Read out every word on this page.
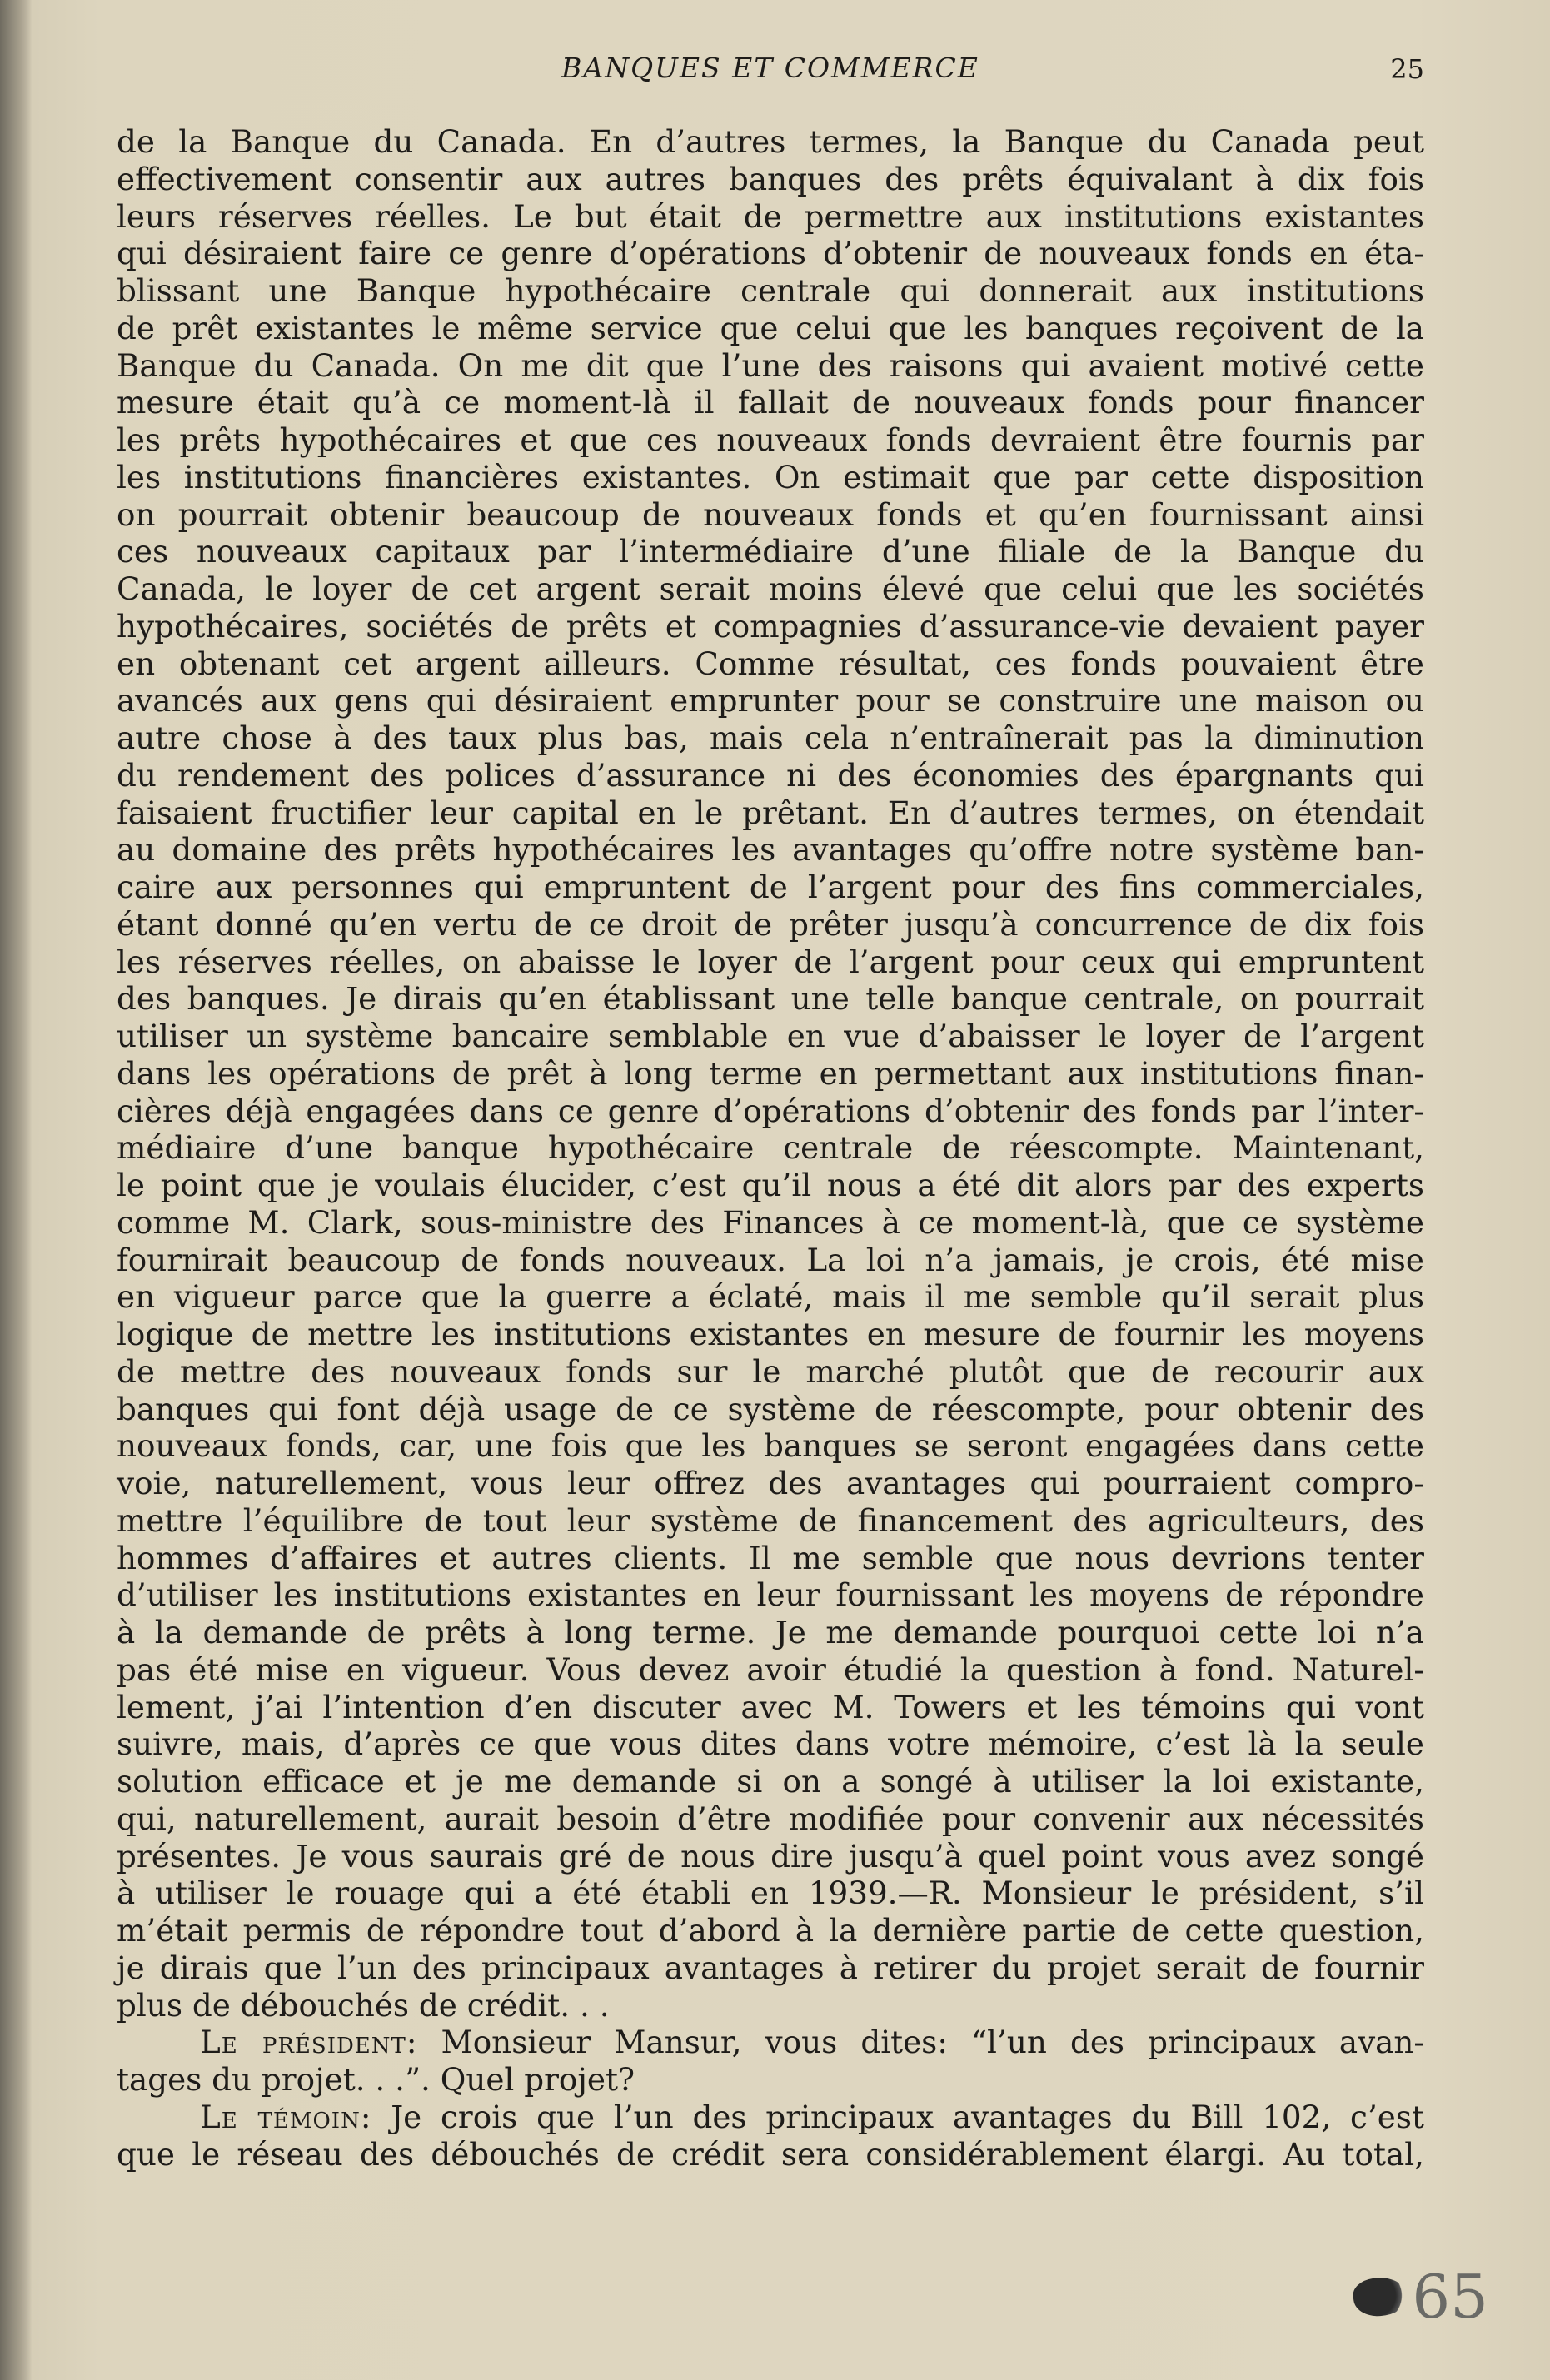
BANQUES ET COMMERCE	25
de la Banque du Canada. En d’autres termes, la Banque du Canada peut
effectivement consentir aux autres banques des prêts équivalant à dix fois
leurs réserves réelles. Le but était de permettre aux institutions existantes
qui désiraient faire ce genre d’opérations d’obtenir de nouveaux fonds en éta-
blissant une Banque hypothécaire centrale qui donnerait aux institutions
de prêt existantes le même service que celui que les banques reçoivent de la
Banque du Canada. On me dit que l’une des raisons qui avaient motivé cette
mesure était qu’à ce moment-là il fallait de nouveaux fonds pour financer
les prêts hypothécaires et que ces nouveaux fonds devraient être fournis par
les institutions financières existantes. On estimait que par cette disposition
on pourrait obtenir beaucoup de nouveaux fonds et qu’en fournissant ainsi
ces nouveaux capitaux par l’intermédiaire d’une filiale de la Banque du
Canada, le loyer de cet argent serait moins élevé que celui que les sociétés
hypothécaires, sociétés de prêts et compagnies d’assurance-vie devaient payer
en obtenant cet argent ailleurs. Comme résultat, ces fonds pouvaient être
avancés aux gens qui désiraient emprunter pour se construire une maison ou
autre chose à des taux plus bas, mais cela n’entraînerait pas la diminution
du rendement des polices d’assurance ni des économies des épargnants qui
faisaient fructifier leur capital en le prêtant. En d’autres termes, on étendait
au domaine des prêts hypothécaires les avantages qu’offre notre système ban-
caire aux personnes qui empruntent de l’argent pour des fins commerciales,
étant donné qu’en vertu de ce droit de prêter jusqu’à concurrence de dix fois
les réserves réelles, on abaisse le loyer de l’argent pour ceux qui empruntent
des banques. Je dirais qu’en établissant une telle banque centrale, on pourrait
utiliser un système bancaire semblable en vue d’abaisser le loyer de l’argent
dans les opérations de prêt à long terme en permettant aux institutions finan-
cières déjà engagées dans ce genre d’opérations d’obtenir des fonds par l’inter-
médiaire d’une banque hypothécaire centrale de réescompte. Maintenant,
le point que je voulais élucider, c’est qu’il nous a été dit alors par des experts
comme M. Clark, sous-ministre des Finances à ce moment-là, que ce système
fournirait beaucoup de fonds nouveaux. La loi n’a jamais, je crois, été mise
en vigueur parce que la guerre a éclaté, mais il me semble qu’il serait plus
logique de mettre les institutions existantes en mesure de fournir les moyens
de mettre des nouveaux fonds sur le marché plutôt que de recourir aux
banques qui font déjà usage de ce système de réescompte, pour obtenir des
nouveaux fonds, car, une fois que les banques se seront engagées dans cette
voie, naturellement, vous leur offrez des avantages qui pourraient compro-
mettre l’équilibre de tout leur système de financement des agriculteurs, des
hommes d’affaires et autres clients. Il me semble que nous devrions tenter
d’utiliser les institutions existantes en leur fournissant les moyens de répondre
à la demande de prêts à long terme. Je me demande pourquoi cette loi n’a
pas été mise en vigueur. Vous devez avoir étudié la question à fond. Naturel-
lement, j’ai l’intention d’en discuter avec M. Towers et les témoins qui vont
suivre, mais, d’après ce que vous dites dans votre mémoire, c’est là la seule
solution efficace et je me demande si on a songé à utiliser la loi existante,
qui, naturellement, aurait besoin d’être modifiée pour convenir aux nécessités
présentes. Je vous saurais gré de nous dire jusqu’à quel point vous avez songé
à utiliser le rouage qui a été établi en 1939.—R. Monsieur le président, s’il
m’était permis de répondre tout d’abord à la dernière partie de cette question,
je dirais que l’un des principaux avantages à retirer du projet serait de fournir
plus de débouchés de crédit. . .
Le président: Monsieur Mansur, vous dites: “l’un des principaux avan-
tages du projet. . .”. Quel projet?
Le témoin: Je crois que l’un des principaux avantages du Bill 102, c’est
que le réseau des débouchés de crédit sera considérablement élargi. Au total,
65
